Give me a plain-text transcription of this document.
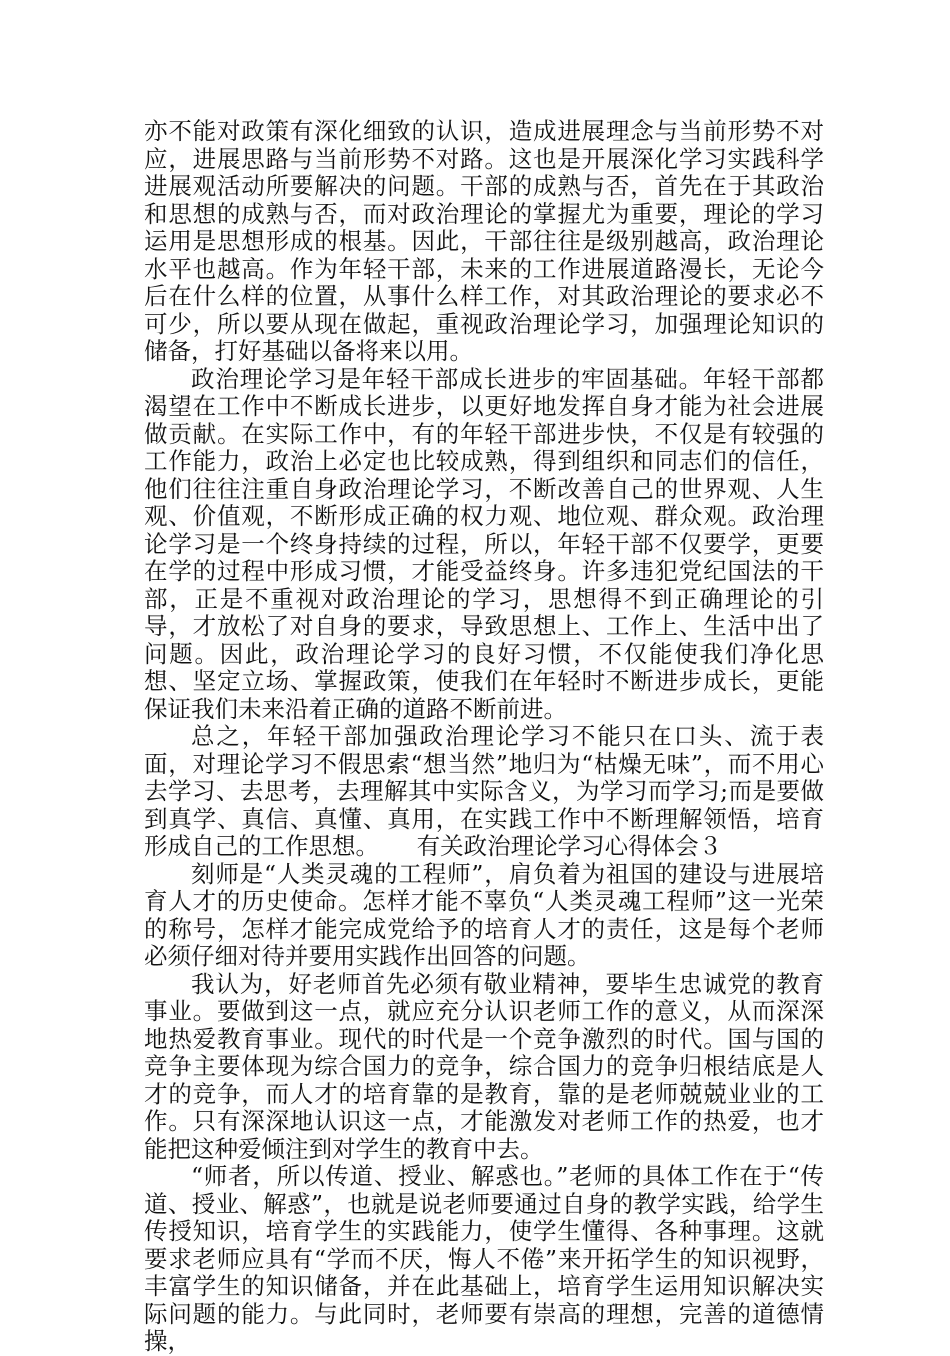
亦不能对政策有深化细致的认识，造成进展理念与当前形势不对应，进展思路与当前形势不对路。这也是开展深化学习实践科学进展观活动所要解决的问题。干部的成熟与否，首先在于其政治和思想的成熟与否，而对政治理论的掌握尤为重要，理论的学习运用是思想形成的根基。因此，干部往往是级别越高，政治理论水平也越高。作为年轻干部，未来的工作进展道路漫长，无论今后在什么样的位置，从事什么样工作，对其政治理论的要求必不可少，所以要从现在做起，重视政治理论学习，加强理论知识的储备，打好基础以备将来以用。

政治理论学习是年轻干部成长进步的牢固基础。年轻干部都渴望在工作中不断成长进步，以更好地发挥自身才能为社会进展做贡献。在实际工作中，有的年轻干部进步快，不仅是有较强的工作能力，政治上必定也比较成熟，得到组织和同志们的信任，他们往往注重自身政治理论学习，不断改善自己的世界观、人生观、价值观，不断形成正确的权力观、地位观、群众观。政治理论学习是一个终身持续的过程，所以，年轻干部不仅要学，更要在学的过程中形成习惯，才能受益终身。许多违犯党纪国法的干部，正是不重视对政治理论的学习，思想得不到正确理论的引导，才放松了对自身的要求，导致思想上、工作上、生活中出了问题。因此，政治理论学习的良好习惯，不仅能使我们净化思想、坚定立场、掌握政策，使我们在年轻时不断进步成长，更能保证我们未来沿着正确的道路不断前进。

总之，年轻干部加强政治理论学习不能只在口头、流于表面，对理论学习不假思索“想当然”地归为“枯燥无味”，而不用心去学习、去思考，去理解其中实际含义，为学习而学习;而是要做到真学、真信、真懂、真用，在实践工作中不断理解领悟，培育形成自己的工作思想。 有关政治理论学习心得体会３

刻师是“人类灵魂的工程师”，肩负着为祖国的建设与进展培育人才的历史使命。怎样才能不辜负“人类灵魂工程师”这一光荣的称号，怎样才能完成党给予的培育人才的责任，这是每个老师必须仔细对待并要用实践作出回答的问题。

我认为，好老师首先必须有敬业精神，要毕生忠诚党的教育事业。要做到这一点，就应充分认识老师工作的意义，从而深深地热爱教育事业。现代的时代是一个竞争激烈的时代。国与国的竞争主要体现为综合国力的竞争，综合国力的竞争归根结底是人才的竞争，而人才的培育靠的是教育，靠的是老师兢兢业业的工作。只有深深地认识这一点，才能激发对老师工作的热爱，也才能把这种爱倾注到对学生的教育中去。

“师者，所以传道、授业、解惑也。”老师的具体工作在于“传道、授业、解惑”，也就是说老师要通过自身的教学实践，给学生传授知识，培育学生的实践能力，使学生懂得、各种事理。这就要求老师应具有“学而不厌，悔人不倦”来开拓学生的知识视野，丰富学生的知识储备，并在此基础上，培育学生运用知识解决实际问题的能力。与此同时，老师要有崇高的理想，完善的道德情操，
